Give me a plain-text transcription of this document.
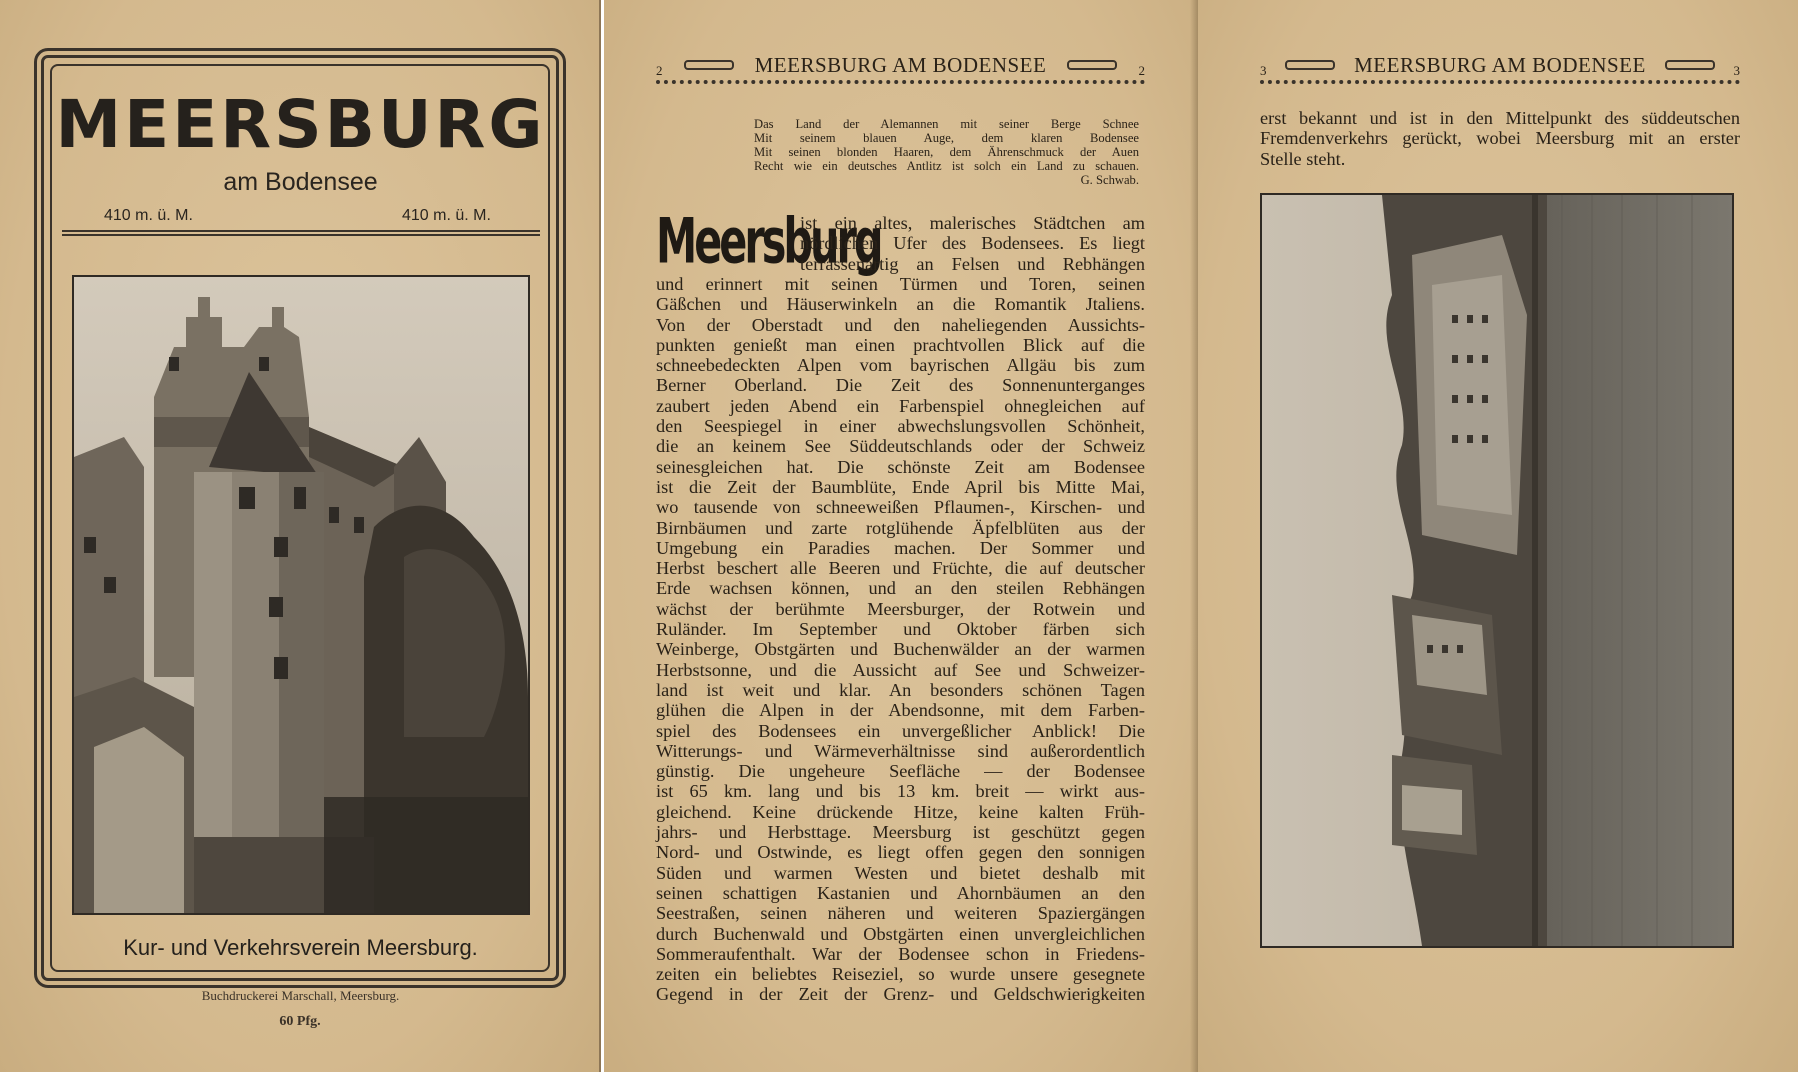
MEERSBURG
am Bodensee
410 m. ü. M.	410 m. ü. M.
Kur- und Verkehrsverein Meersburg.
Buchdruckerei Marschall, Meersburg.
60 Pfg.
2	MEERSBURG AM BODENSEE	2
Das Land der Alemannen mit seiner Berge Schnee
Mit seinem blauen Auge, dem klaren Bodensee
Mit seinen blonden Haaren, dem Ährenschmuck der Auen
Recht wie ein deutsches Antlitz ist solch ein Land zu schauen.
G. Schwab.
Meersburg
ist ein altes, malerisches Städtchen am
nördlichen Ufer des Bodensees. Es liegt
terrassenartig an Felsen und Rebhängen
und erinnert mit seinen Türmen und Toren, seinen
Gäßchen und Häuserwinkeln an die Romantik Jtaliens.
Von der Oberstadt und den naheliegenden Aussichts-
punkten genießt man einen prachtvollen Blick auf die
schneebedeckten Alpen vom bayrischen Allgäu bis zum
Berner Oberland. Die Zeit des Sonnenunterganges
zaubert jeden Abend ein Farbenspiel ohnegleichen auf
den Seespiegel in einer abwechslungsvollen Schönheit,
die an keinem See Süddeutschlands oder der Schweiz
seinesgleichen hat. Die schönste Zeit am Bodensee
ist die Zeit der Baumblüte, Ende April bis Mitte Mai,
wo tausende von schneeweißen Pflaumen-, Kirschen- und
Birnbäumen und zarte rotglühende Äpfelblüten aus der
Umgebung ein Paradies machen. Der Sommer und
Herbst beschert alle Beeren und Früchte, die auf deutscher
Erde wachsen können, und an den steilen Rebhängen
wächst der berühmte Meersburger, der Rotwein und
Ruländer. Im September und Oktober färben sich
Weinberge, Obstgärten und Buchenwälder an der warmen
Herbstsonne, und die Aussicht auf See und Schweizer-
land ist weit und klar. An besonders schönen Tagen
glühen die Alpen in der Abendsonne, mit dem Farben-
spiel des Bodensees ein unvergeßlicher Anblick! Die
Witterungs- und Wärmeverhältnisse sind außerordentlich
günstig. Die ungeheure Seefläche — der Bodensee
ist 65 km. lang und bis 13 km. breit — wirkt aus-
gleichend. Keine drückende Hitze, keine kalten Früh-
jahrs- und Herbsttage. Meersburg ist geschützt gegen
Nord- und Ostwinde, es liegt offen gegen den sonnigen
Süden und warmen Westen und bietet deshalb mit
seinen schattigen Kastanien und Ahornbäumen an den
Seestraßen, seinen näheren und weiteren Spaziergängen
durch Buchenwald und Obstgärten einen unvergleichlichen
Sommeraufenthalt. War der Bodensee schon in Friedens-
zeiten ein beliebtes Reiseziel, so wurde unsere gesegnete
Gegend in der Zeit der Grenz- und Geldschwierigkeiten
3	MEERSBURG AM BODENSEE	3
erst bekannt und ist in den Mittelpunkt des süddeutschen
Fremdenverkehrs gerückt, wobei Meersburg mit an erster
Stelle steht.
